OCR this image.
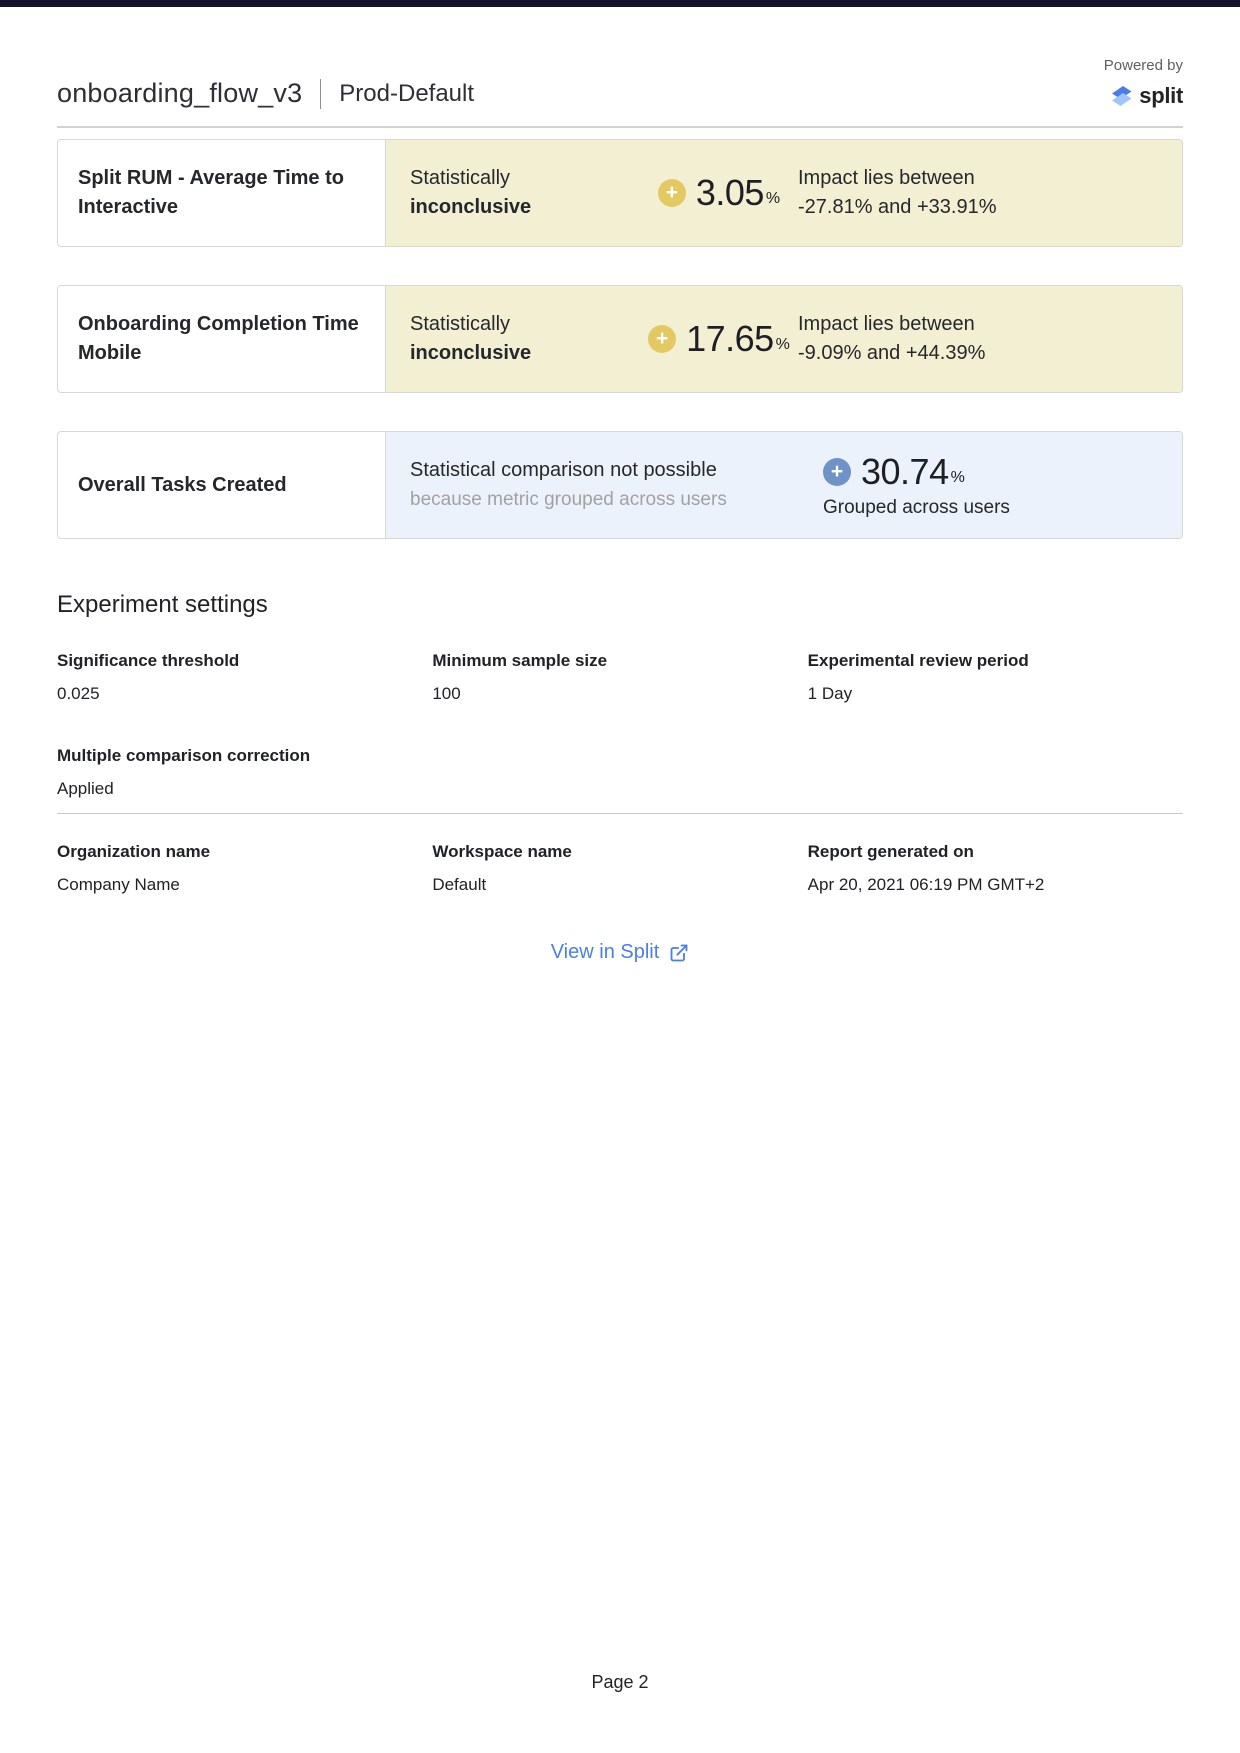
onboarding_flow_v3 Prod-Default
Powered by
split
Split RUM - Average Time to Interactive
Statistically
inconclusive
+ 3.05 %
Impact lies between
-27.81% and +33.91%
Onboarding Completion Time Mobile
Statistically
inconclusive
+ 17.65 %
Impact lies between
-9.09% and +44.39%
Overall Tasks Created
Statistical comparison not possible
because metric grouped across users
+ 30.74 %
Grouped across users
Experiment settings
Significance threshold
0.025
Minimum sample size
100
Experimental review period
1 Day
Multiple comparison correction
Applied
Organization name
Company Name
Workspace name
Default
Report generated on
Apr 20, 2021 06:19 PM GMT+2
View in Split
Page 2
